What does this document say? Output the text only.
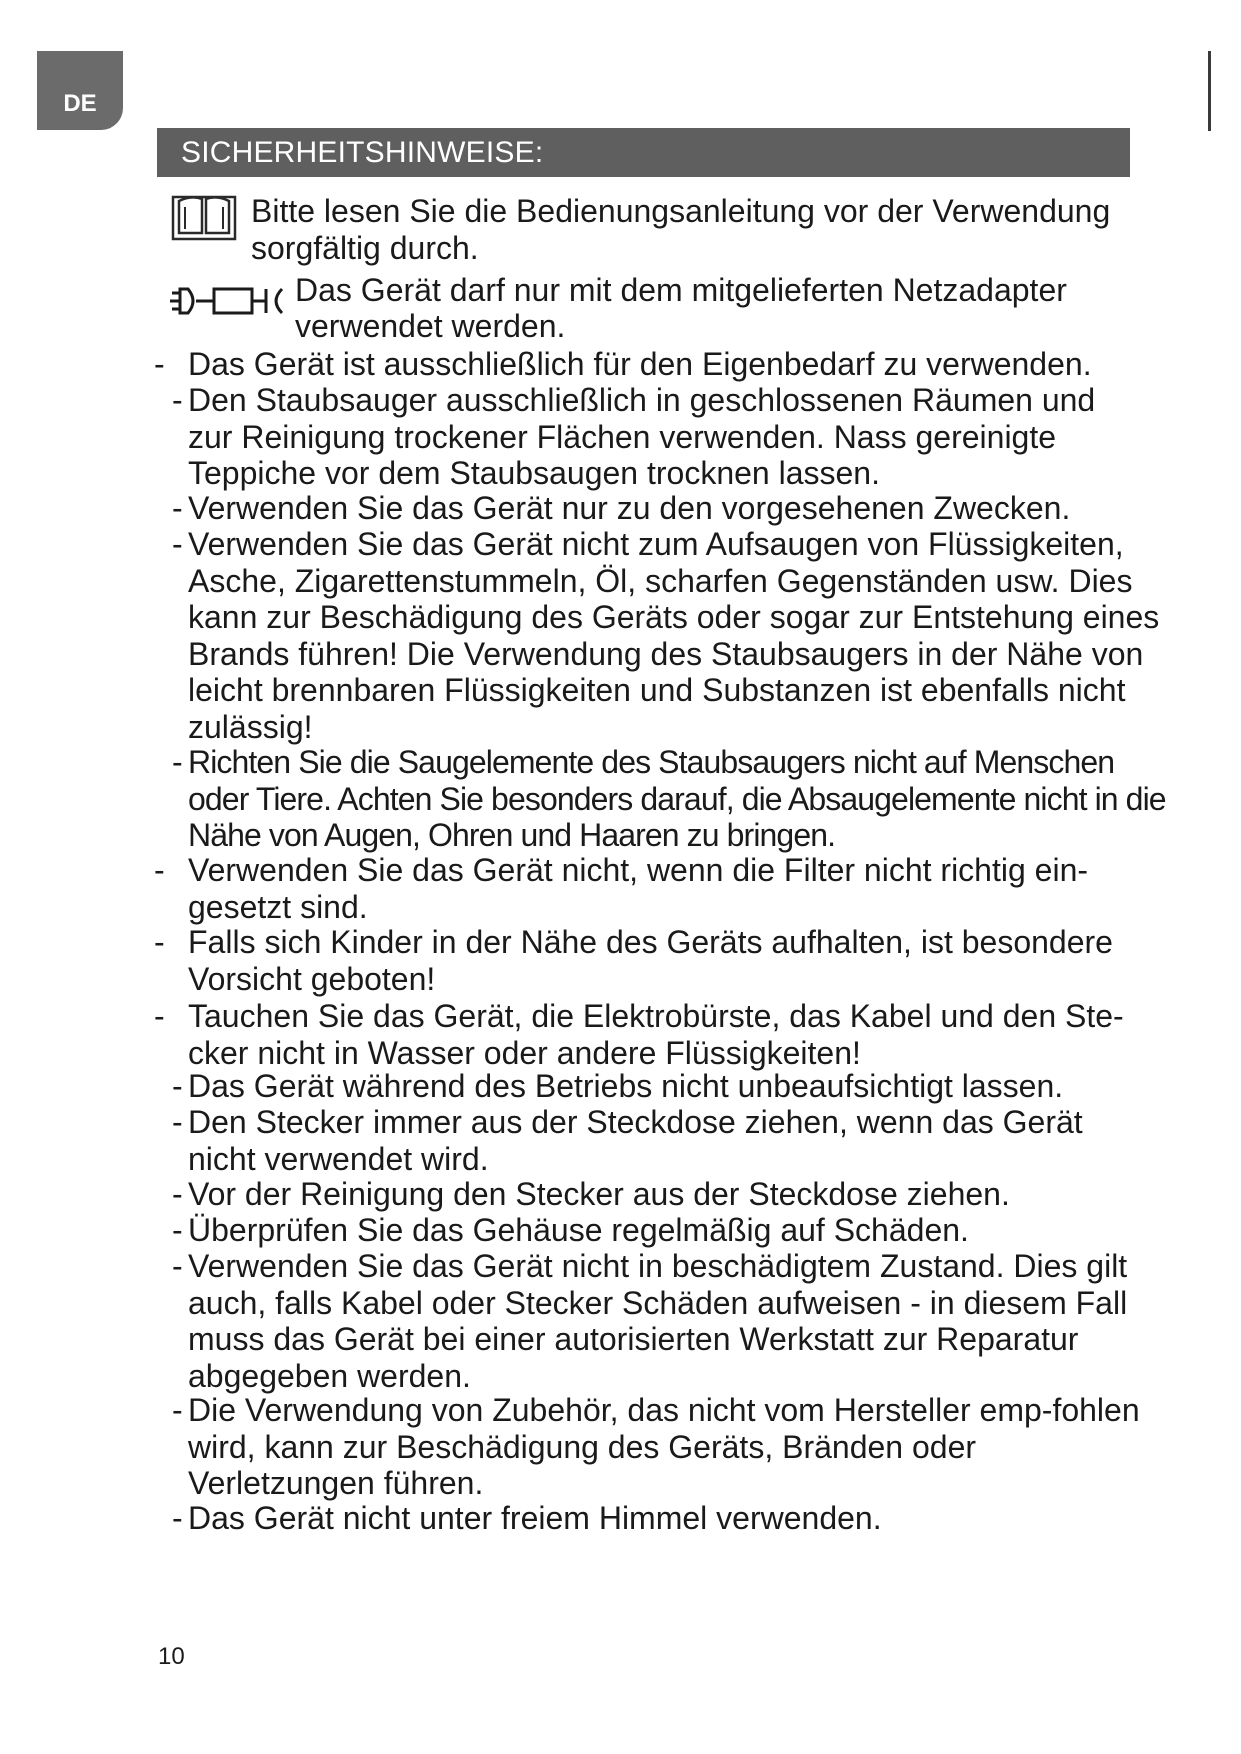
DE
SICHERHEITSHINWEISE:
Bitte lesen Sie die Bedienungsanleitung vor der Verwendung
sorgfältig durch.
Das Gerät darf nur mit dem mitgelieferten Netzadapter
verwendet werden.
- Das Gerät ist ausschließlich für den Eigenbedarf zu verwenden.
- Den Staubsauger ausschließlich in geschlossenen Räumen und zur Reinigung trockener Flächen verwenden. Nass gereinigte Teppiche vor dem Staubsaugen trocknen lassen.
- Verwenden Sie das Gerät nur zu den vorgesehenen Zwecken.
- Verwenden Sie das Gerät nicht zum Aufsaugen von Flüssigkeiten, Asche, Zigarettenstummeln, Öl, scharfen Gegenständen usw. Dies kann zur Beschädigung des Geräts oder sogar zur Entstehung eines Brands führen! Die Verwendung des Staubsaugers in der Nähe von leicht brennbaren Flüssigkeiten und Substanzen ist ebenfalls nicht zulässig!
- Richten Sie die Saugelemente des Staubsaugers nicht auf Menschen oder Tiere. Achten Sie besonders darauf, die Absaugelemente nicht in die Nähe von Augen, Ohren und Haaren zu bringen.
- Verwenden Sie das Gerät nicht, wenn die Filter nicht richtig ein-gesetzt sind.
- Falls sich Kinder in der Nähe des Geräts aufhalten, ist besondere Vorsicht geboten!
- Tauchen Sie das Gerät, die Elektrobürste, das Kabel und den Ste-cker nicht in Wasser oder andere Flüssigkeiten!
- Das Gerät während des Betriebs nicht unbeaufsichtigt lassen.
- Den Stecker immer aus der Steckdose ziehen, wenn das Gerät nicht verwendet wird.
- Vor der Reinigung den Stecker aus der Steckdose ziehen.
- Überprüfen Sie das Gehäuse regelmäßig auf Schäden.
- Verwenden Sie das Gerät nicht in beschädigtem Zustand. Dies gilt auch, falls Kabel oder Stecker Schäden aufweisen - in diesem Fall muss das Gerät bei einer autorisierten Werkstatt zur Reparatur abgegeben werden.
- Die Verwendung von Zubehör, das nicht vom Hersteller emp-fohlen wird, kann zur Beschädigung des Geräts, Bränden oder Verletzungen führen.
- Das Gerät nicht unter freiem Himmel verwenden.
10
